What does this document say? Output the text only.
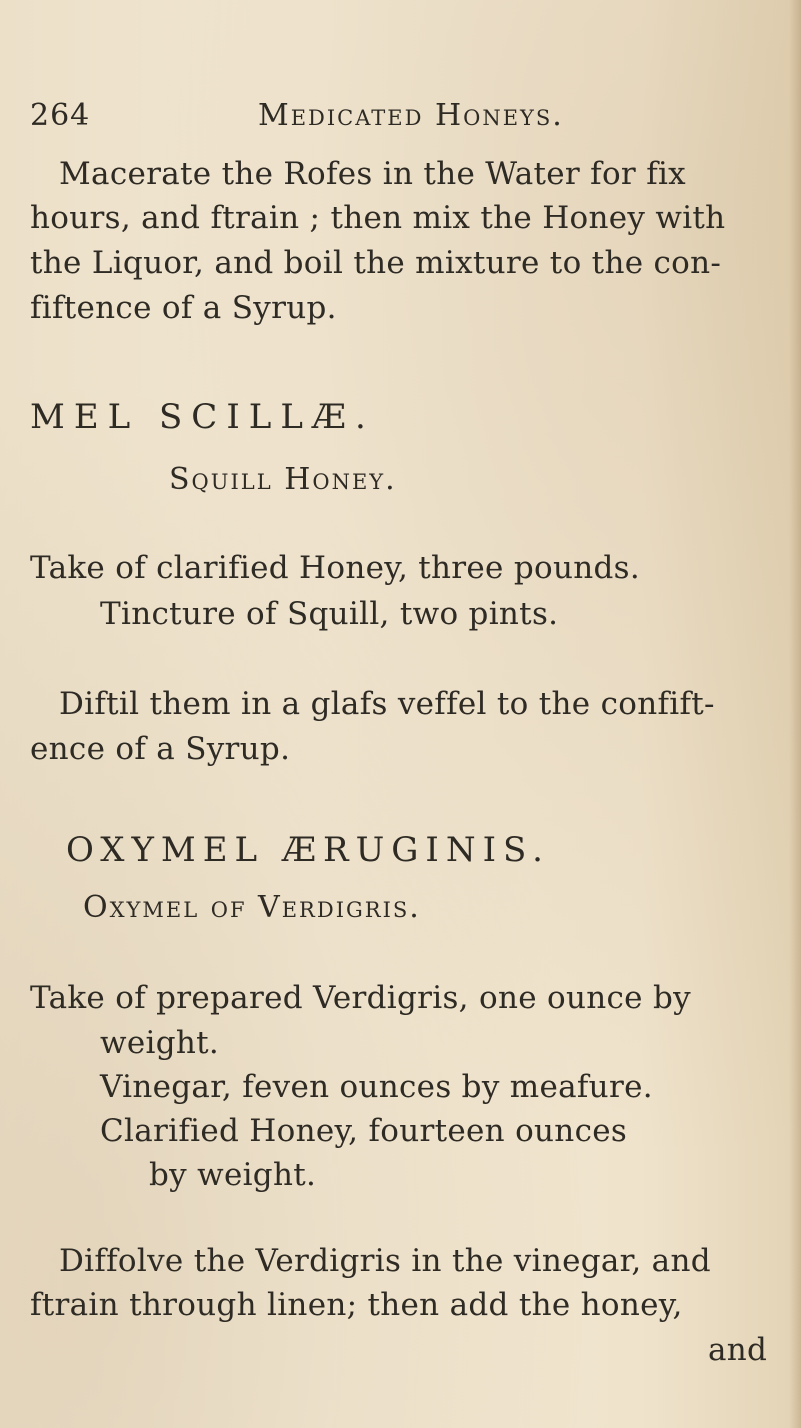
264	Medicated Honeys.
Macerate the Rofes in the Water for fix
hours, and ftrain ; then mix the Honey with
the Liquor, and boil the mixture to the con-
fiftence of a Syrup.
MEL SCILLÆ.
Squill Honey.
Take of clarified Honey, three pounds.
Tincture of Squill, two pints.
Diftil them in a glafs veffel to the confift-
ence of a Syrup.
OXYMEL ÆRUGINIS.
Oxymel of Verdigris.
Take of prepared Verdigris, one ounce by
weight.
Vinegar, feven ounces by meafure.
Clarified Honey, fourteen ounces
by weight.
Diffolve the Verdigris in the vinegar, and
ftrain through linen; then add the honey,
and
